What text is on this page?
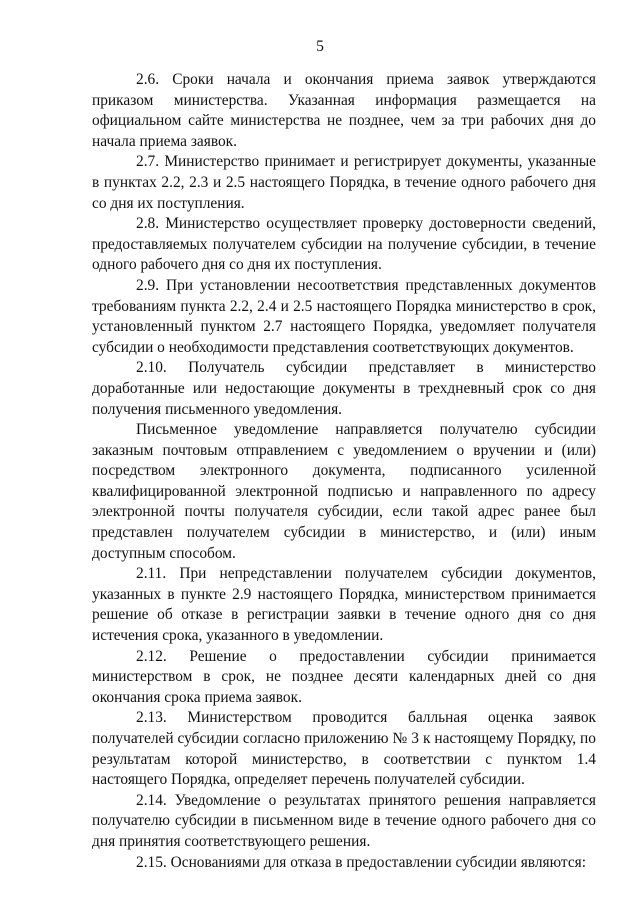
5

2.6. Сроки начала и окончания приема заявок утверждаются приказом министерства. Указанная информация размещается на официальном сайте министерства не позднее, чем за три рабочих дня до начала приема заявок.

2.7. Министерство принимает и регистрирует документы, указанные в пунктах 2.2, 2.3 и 2.5 настоящего Порядка, в течение одного рабочего дня со дня их поступления.

2.8. Министерство осуществляет проверку достоверности сведений, предоставляемых получателем субсидии на получение субсидии, в течение одного рабочего дня со дня их поступления.

2.9. При установлении несоответствия представленных документов требованиям пункта 2.2, 2.4 и 2.5 настоящего Порядка министерство в срок, установленный пунктом 2.7 настоящего Порядка, уведомляет получателя субсидии о необходимости представления соответствующих документов.

2.10. Получатель субсидии представляет в министерство доработанные или недостающие документы в трехдневный срок со дня получения письменного уведомления.

Письменное уведомление направляется получателю субсидии заказным почтовым отправлением с уведомлением о вручении и (или) посредством электронного документа, подписанного усиленной квалифицированной электронной подписью и направленного по адресу электронной почты получателя субсидии, если такой адрес ранее был представлен получателем субсидии в министерство, и (или) иным доступным способом.

2.11. При непредставлении получателем субсидии документов, указанных в пункте 2.9 настоящего Порядка, министерством принимается решение об отказе в регистрации заявки в течение одного дня со дня истечения срока, указанного в уведомлении.

2.12. Решение о предоставлении субсидии принимается министерством в срок, не позднее десяти календарных дней со дня окончания срока приема заявок.

2.13. Министерством проводится балльная оценка заявок получателей субсидии согласно приложению № 3 к настоящему Порядку, по результатам которой министерство, в соответствии с пунктом 1.4 настоящего Порядка, определяет перечень получателей субсидии.

2.14. Уведомление о результатах принятого решения направляется получателю субсидии в письменном виде в течение одного рабочего дня со дня принятия соответствующего решения.

2.15. Основаниями для отказа в предоставлении субсидии являются:
